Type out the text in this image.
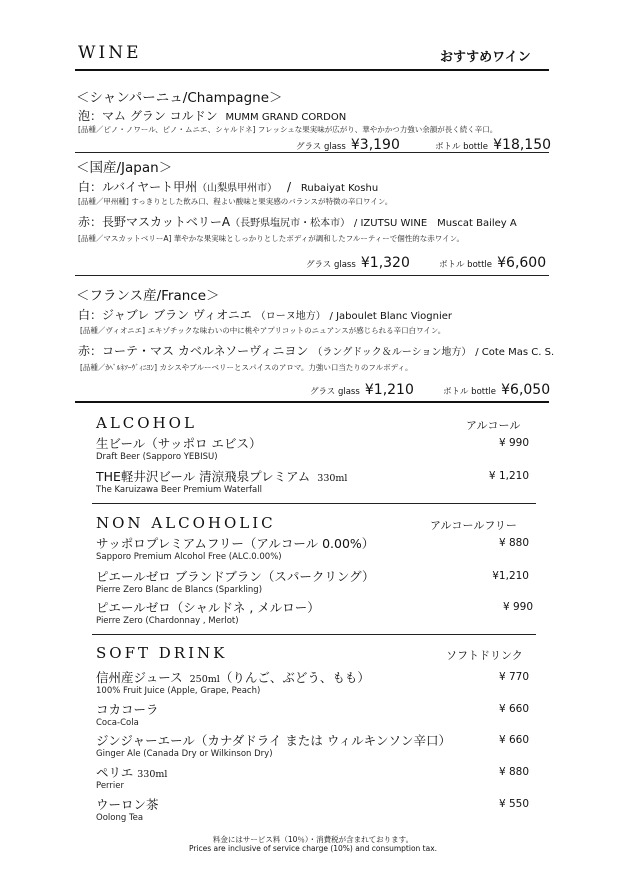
WINE	おすすめワイン
＜シャンパーニュ/Champagne＞
泡：マム グラン コルドン MUMM GRAND CORDON
[品種／ピノ・ノワール、ピノ・ムニエ、シャルドネ] フレッシュな果実味が広がり、華やかかつ力強い余韻が長く続く辛口。
グラス glass ¥3,190	ボトル bottle ¥18,150
＜国産/Japan＞
白：ルバイヤート甲州（山梨県甲州市） / Rubaiyat Koshu
[品種／甲州種] すっきりとした飲み口、程よい酸味と果実感のバランスが特徴の辛口ワイン。
赤：長野マスカットベリーA（長野県塩尻市・松本市） / IZUTSU WINE　Muscat Bailey A
[品種／マスカットベリーA] 華やかな果実味としっかりとしたボディが調和したフルーティーで個性的な赤ワイン。
グラス glass ¥1,320	ボトル bottle ¥6,600
＜フランス産/France＞
白：ジャブレ ブラン ヴィオニエ （ローヌ地方） / Jaboulet Blanc Viognier
[品種／ヴィオニエ] エキゾチックな味わいの中に桃やアプリコットのニュアンスが感じられる辛口白ワイン。
赤：コーテ・マス カベルネソーヴィニヨン （ラングドック＆ルーション地方） / Cote Mas C. S.
[品種／ｶﾍﾞﾙﾈｿｰｳﾞｨﾆﾖﾝ] カシスやブルーベリーとスパイスのアロマ。力強い口当たりのフルボディ。
グラス glass ¥1,210	ボトル bottle ¥6,050
ALCOHOL	アルコール
生ビール（サッポロ エビス）
Draft Beer (Sapporo YEBISU)
¥ 990
THE軽井沢ビール 清涼飛泉プレミアム 330ml
The Karuizawa Beer Premium Waterfall
¥ 1,210
NON ALCOHOLIC	アルコールフリー
サッポロプレミアムフリー（アルコール 0.00%）
Sapporo Premium Alcohol Free (ALC.0.00%)
¥ 880
ピエールゼロ ブランドブラン（スパークリング）
Pierre Zero Blanc de Blancs (Sparkling)
¥1,210
ピエールゼロ（シャルドネ , メルロー）
Pierre Zero (Chardonnay , Merlot)
¥ 990
SOFT DRINK	ソフトドリンク
信州産ジュース 250ml（りんご、ぶどう、もも）
100% Fruit Juice (Apple, Grape, Peach)
¥ 770
コカコーラ
Coca-Cola
¥ 660
ジンジャーエール（カナダドライ または ウィルキンソン辛口）
Ginger Ale (Canada Dry or Wilkinson Dry)
¥ 660
ペリエ 330ml
Perrier
¥ 880
ウーロン茶
Oolong Tea
¥ 550
料金にはサービス料（10％）・消費税が含まれております。
Prices are inclusive of service charge (10%) and consumption tax.
